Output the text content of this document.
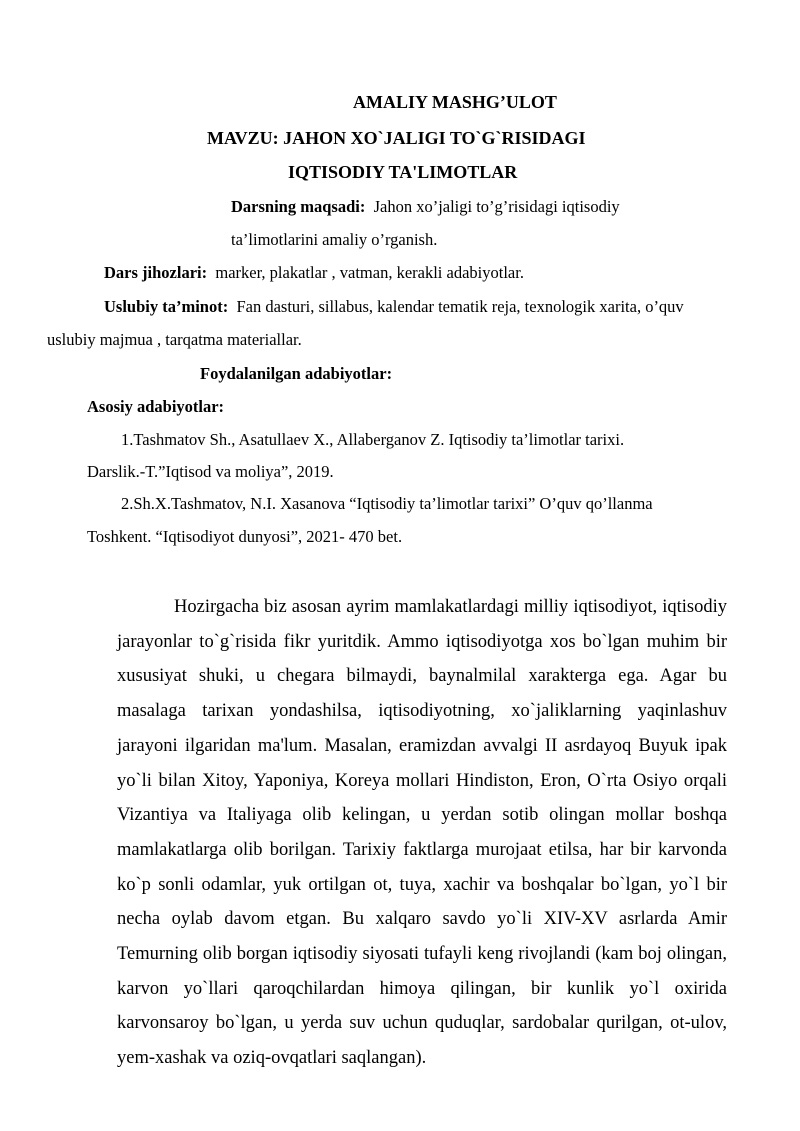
AMALIY MASHG’ULOT
MAVZU: JAHON XO`JALIGI TO`G`RISIDAGI
IQTISODIY TA'LIMOTLAR
Darsning maqsadi: Jahon xo’jaligi to’g’risidagi iqtisodiy
ta’limotlarini amaliy o’rganish.
Dars jihozlari: marker, plakatlar , vatman, kerakli adabiyotlar.
Uslubiy ta’minot: Fan dasturi, sillabus, kalendar tematik reja, texnologik xarita, o’quv
uslubiy majmua , tarqatma materiallar.
Foydalanilgan adabiyotlar:
Asosiy adabiyotlar:
1.Tashmatov Sh., Asatullaev X., Allaberganov Z. Iqtisodiy ta’limotlar tarixi.
Darslik.-T.”Iqtisod va moliya”, 2019.
2.Sh.X.Tashmatov, N.I. Xasanova “Iqtisodiy ta’limotlar tarixi” O’quv qo’llanma
Toshkent. “Iqtisodiyot dunyosi”, 2021- 470 bet.

Hozirgacha biz asosan ayrim mamlakatlardagi milliy iqtisodiyot, iqtisodiy jarayonlar to`g`risida fikr yuritdik. Ammo iqtisodiyotga xos bo`lgan muhim bir xususiyat shuki, u chegara bilmaydi, baynalmilal xarakterga ega. Agar bu masalaga tarixan yondashilsa, iqtisodiyotning, xo`jaliklarning yaqinlashuv jarayoni ilgaridan ma'lum. Masalan, eramizdan avvalgi II asrdayoq Buyuk ipak yo`li bilan Xitoy, Yaponiya, Koreya mollari Hindiston, Eron, O`rta Osiyo orqali Vizantiya va Italiyaga olib kelingan, u yerdan sotib olingan mollar boshqa mamlakatlarga olib borilgan. Tarixiy faktlarga murojaat etilsa, har bir karvonda ko`p sonli odamlar, yuk ortilgan ot, tuya, xachir va boshqalar bo`lgan, yo`l bir necha oylab davom etgan. Bu xalqaro savdo yo`li XIV-XV asrlarda Amir Temurning olib borgan iqtisodiy siyosati tufayli keng rivojlandi (kam boj olingan, karvon yo`llari qaroqchilardan himoya qilingan, bir kunlik yo`l oxirida karvonsaroy bo`lgan, u yerda suv uchun quduqlar, sardobalar qurilgan, ot-ulov, yem-xashak va oziq-ovqatlari saqlangan).
